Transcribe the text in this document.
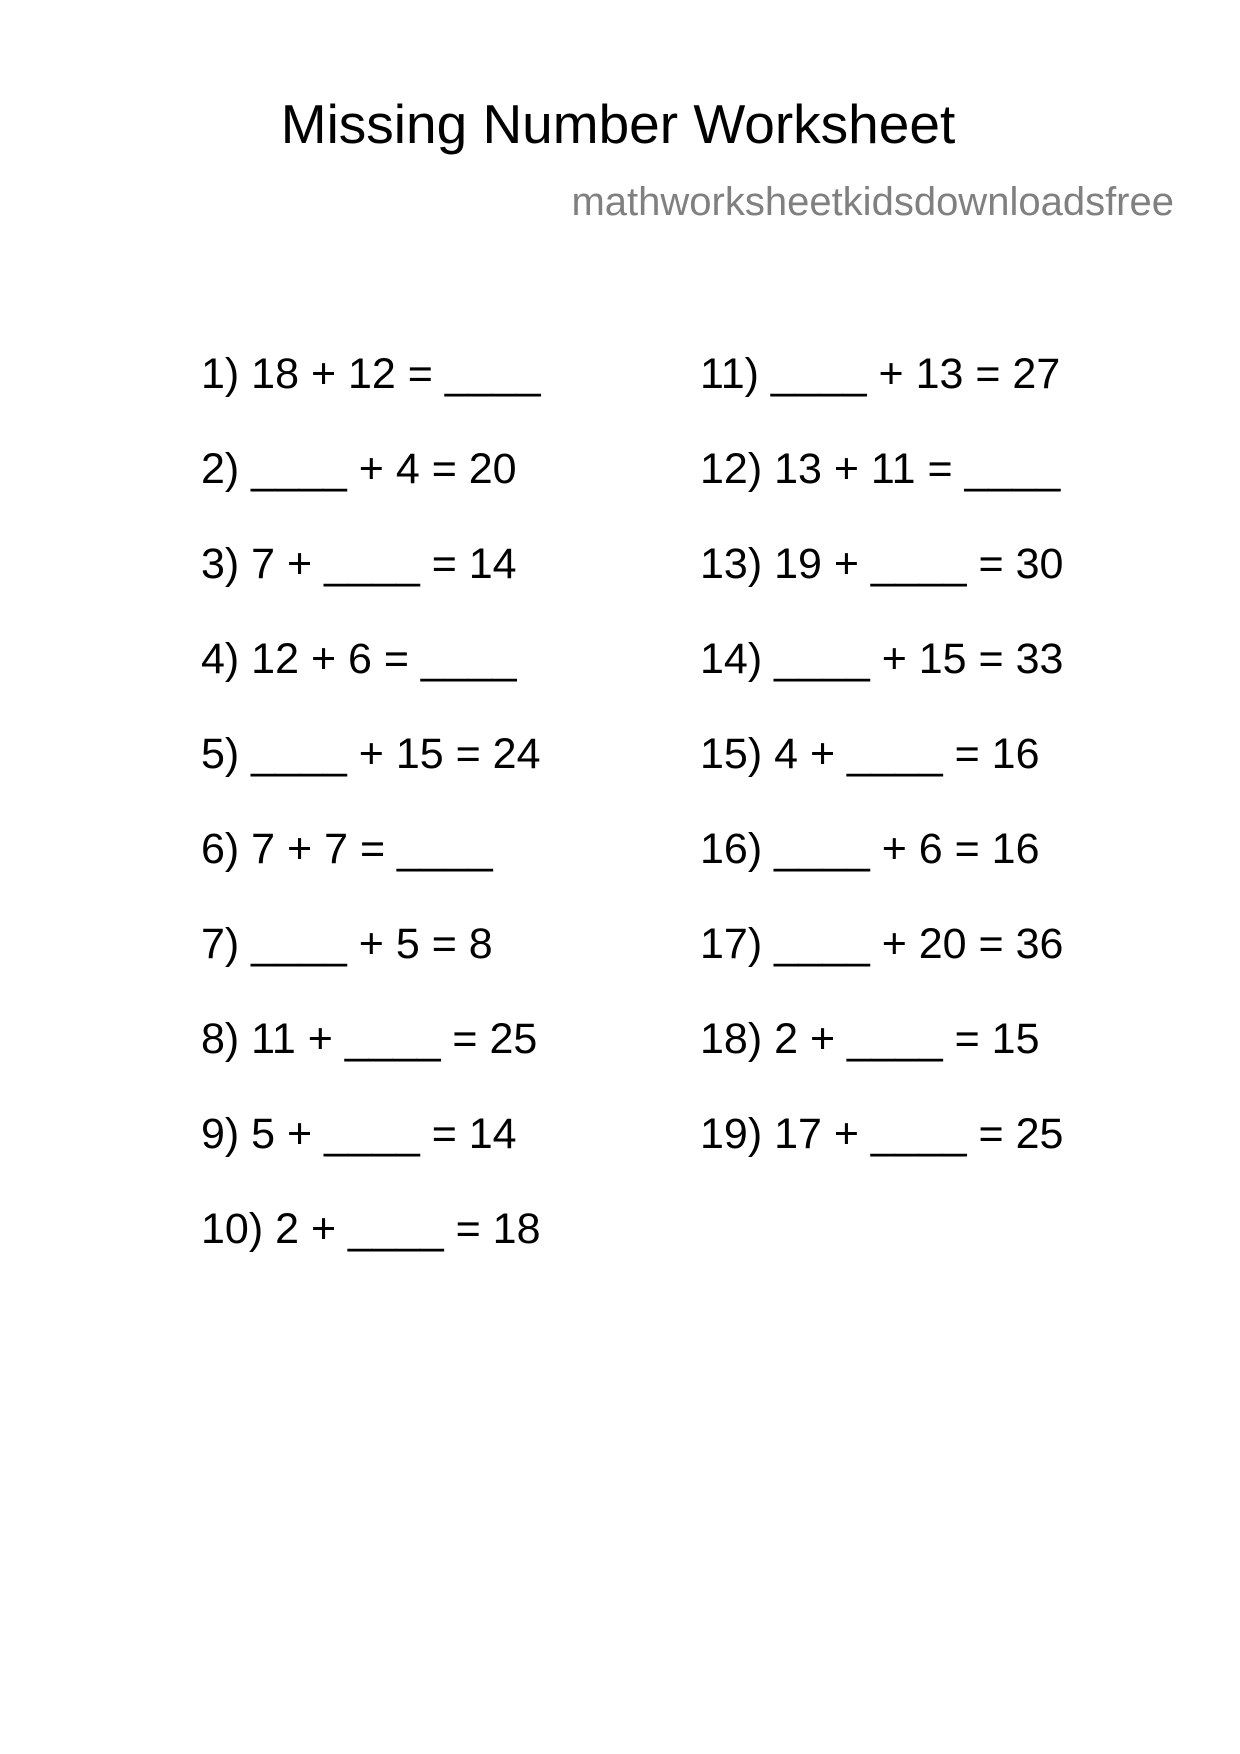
Missing Number Worksheet
mathworksheetkidsdownloadsfree
1) 18 + 12 = ____
2) ____ + 4 = 20
3) 7 + ____ = 14
4) 12 + 6 = ____
5) ____ + 15 = 24
6) 7 + 7 = ____
7) ____ + 5 = 8
8) 11 + ____ = 25
9) 5 + ____ = 14
10) 2 + ____ = 18
11) ____ + 13 = 27
12) 13 + 11 = ____
13) 19 + ____ = 30
14) ____ + 15 = 33
15) 4 + ____ = 16
16) ____ + 6 = 16
17) ____ + 20 = 36
18) 2 + ____ = 15
19) 17 + ____ = 25
